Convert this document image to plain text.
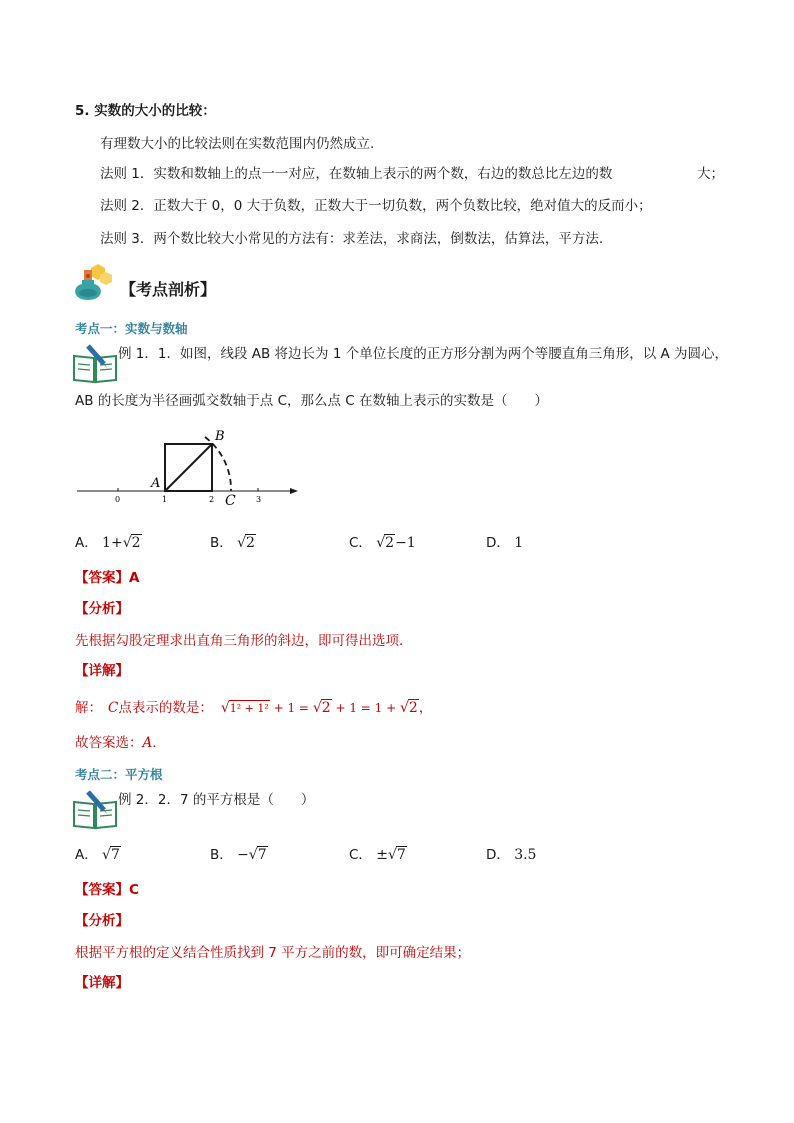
5. 实数的大小的比较：
有理数大小的比较法则在实数范围内仍然成立.
法则 1．实数和数轴上的点一一对应，在数轴上表示的两个数，右边的数总比左边的数	大；
法则 2．正数大于 0，0 大于负数，正数大于一切负数，两个负数比较，绝对值大的反而小；
法则 3．两个数比较大小常见的方法有：求差法，求商法，倒数法，估算法，平方法.
【考点剖析】
考点一：实数与数轴
例 1．1．如图，线段 AB 将边长为 1 个单位长度的正方形分割为两个等腰直角三角形，以 A 为圆心，
AB 的长度为半径画弧交数轴于点 C，那么点 C 在数轴上表示的实数是（　　）
B
A
C
0	1	2	3
A． 1+√2	B． √2	C． √2−1	D． 1
【答案】A
【分析】
先根据勾股定理求出直角三角形的斜边，即可得出选项．
【详解】
解： C点表示的数是： √1² + 1² + 1 = √2 + 1 = 1 + √2，
故答案选：A.
考点二：平方根
例 2．2．7 的平方根是（　　）
A． √7	B． −√7	C． ±√7	D． 3.5
【答案】C
【分析】
根据平方根的定义结合性质找到 7 平方之前的数，即可确定结果；
【详解】
